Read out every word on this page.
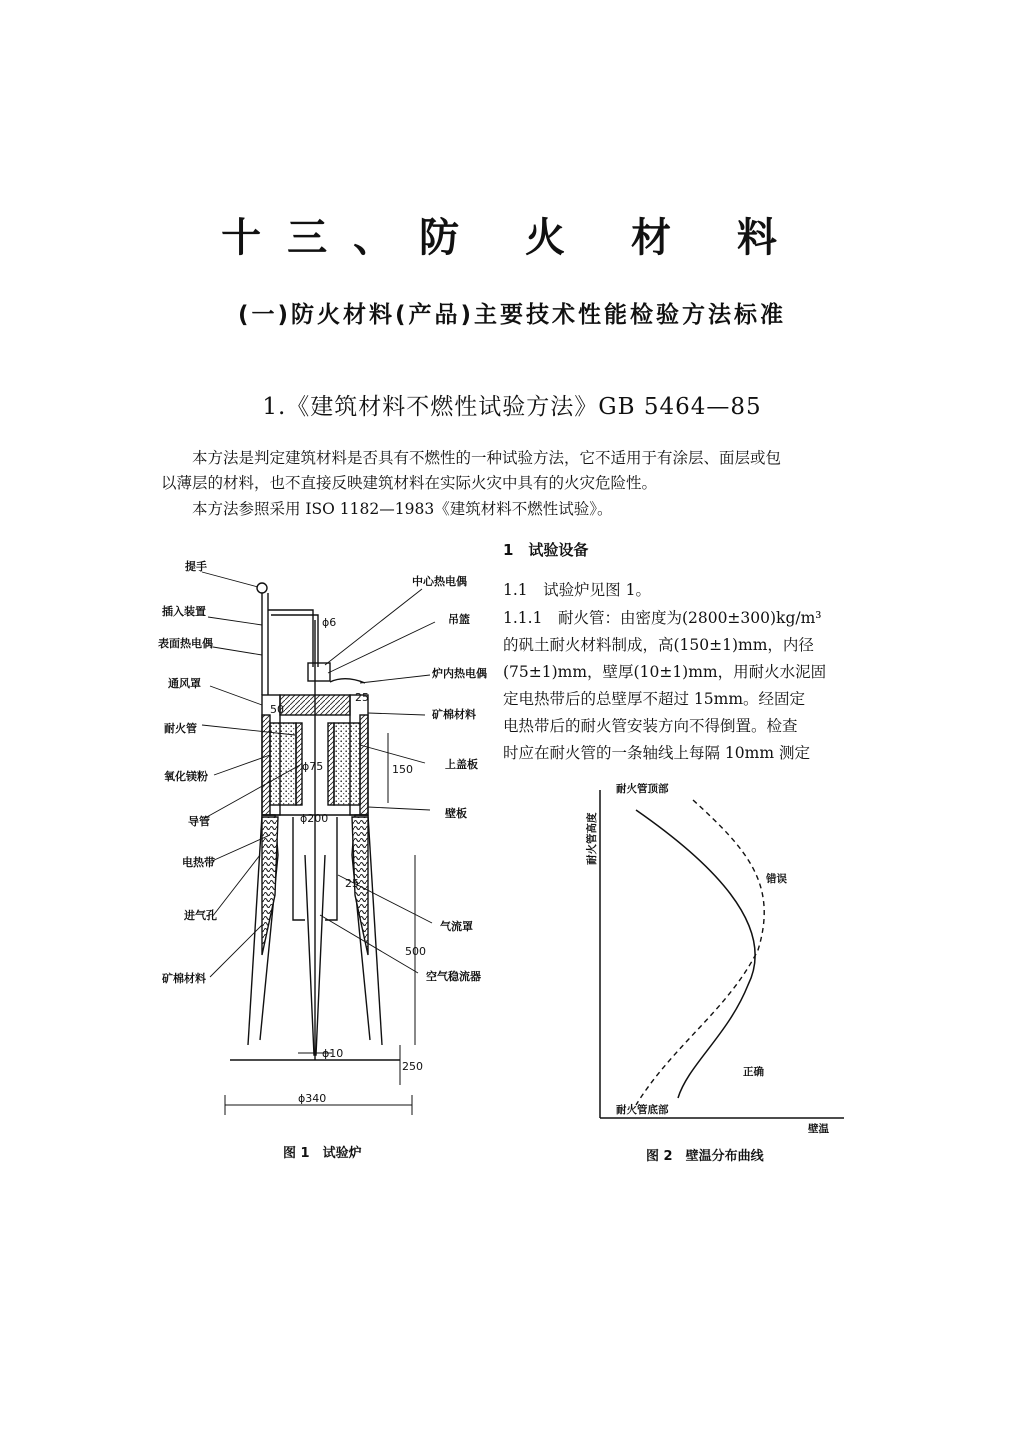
十三、防 火 材 料
(一)防火材料(产品)主要技术性能检验方法标准
1.《建筑材料不燃性试验方法》GB 5464—85
本方法是判定建筑材料是否具有不燃性的一种试验方法，它不适用于有涂层、面层或包
以薄层的材料，也不直接反映建筑材料在实际火灾中具有的火灾危险性。
本方法参照采用 ISO 1182—1983《建筑材料不燃性试验》。
1　试验设备
1.1　试验炉见图 1。
1.1.1　耐火管：由密度为(2800±300)kg/m³
的矾土耐火材料制成，高(150±1)mm，内径
(75±1)mm，壁厚(10±1)mm，用耐火水泥固
定电热带后的总壁厚不超过 15mm。经固定
电热带后的耐火管安装方向不得倒置。检查
时应在耐火管的一条轴线上每隔 10mm 测定
提手
插入装置
表面热电偶
通风罩
耐火管
氧化镁粉
导管
电热带
进气孔
矿棉材料
中心热电偶
吊篮
炉内热电偶
矿棉材料
上盖板
壁板
气流罩
空气稳流器
ϕ6
25
50
150
ϕ75
ϕ200
25
500
ϕ10
250
ϕ340
图 1　试验炉
耐火管顶部
耐火管底部
错误
正确
壁温
耐火管高度
图 2　壁温分布曲线
